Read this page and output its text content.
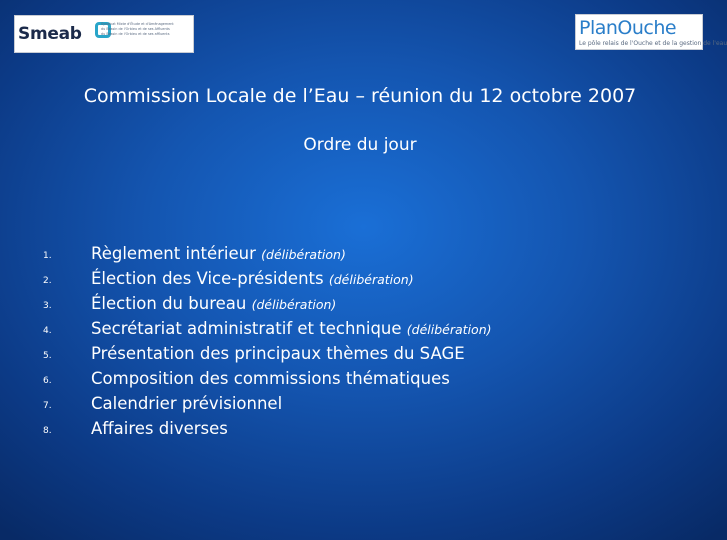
Smeab	Syndicat Mixte d'Étude et d'Aménagement
du Bassin de l'Orbieu et de ses Affluents
du Bassin de l'Orbieu et de ses affluents	PlanOuche
Le pôle relais de l'Ouche et de la gestion de l'eau
Commission Locale de l’Eau – réunion du 12 octobre 2007
Ordre du jour
1. Règlement intérieur (délibération)
2. Élection des Vice-présidents (délibération)
3. Élection du bureau (délibération)
4. Secrétariat administratif et technique (délibération)
5. Présentation des principaux thèmes du SAGE
6. Composition des commissions thématiques
7. Calendrier prévisionnel
8. Affaires diverses
